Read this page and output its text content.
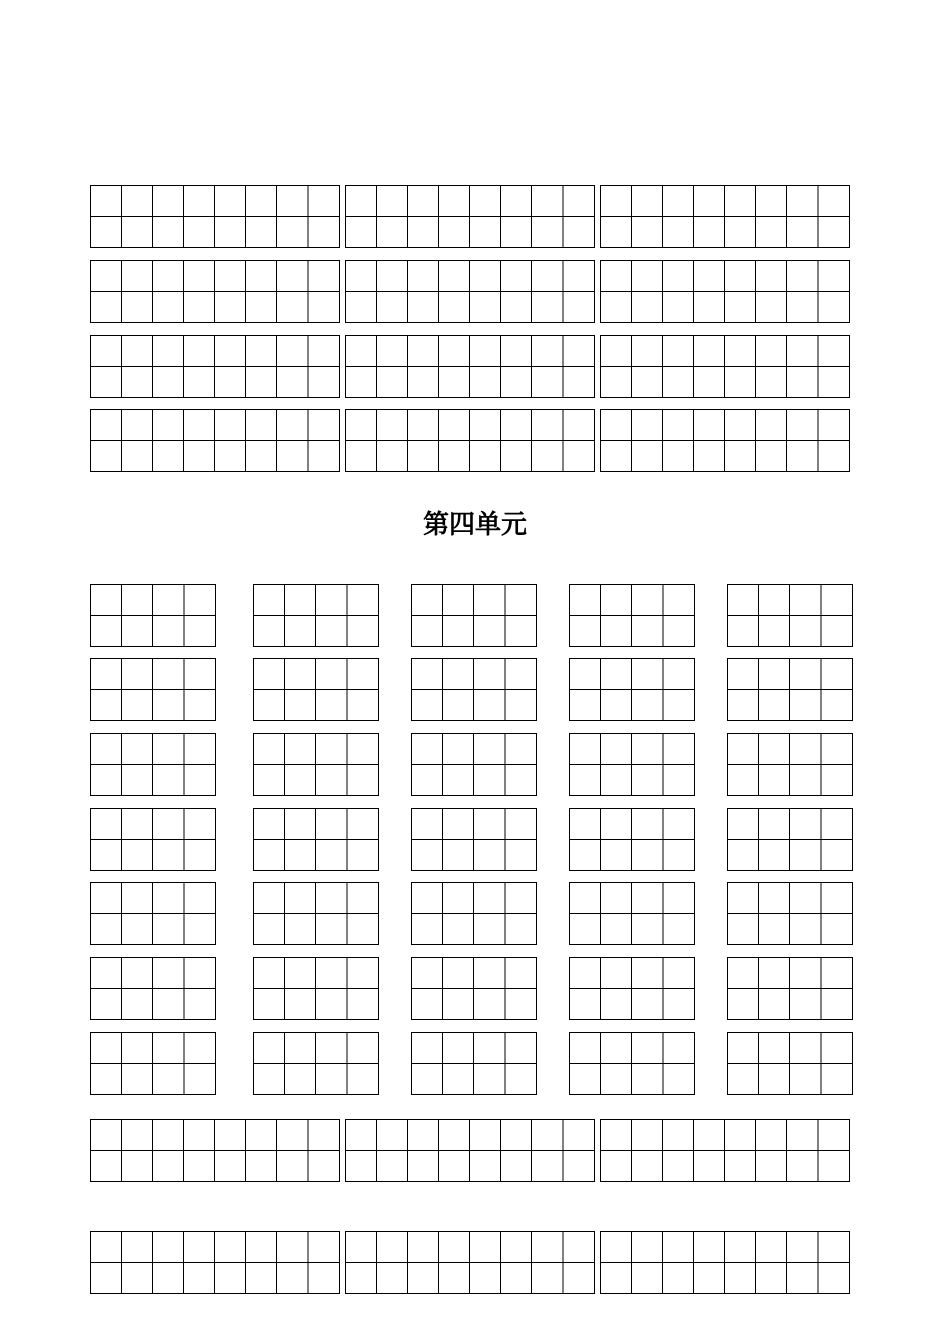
第四单元
